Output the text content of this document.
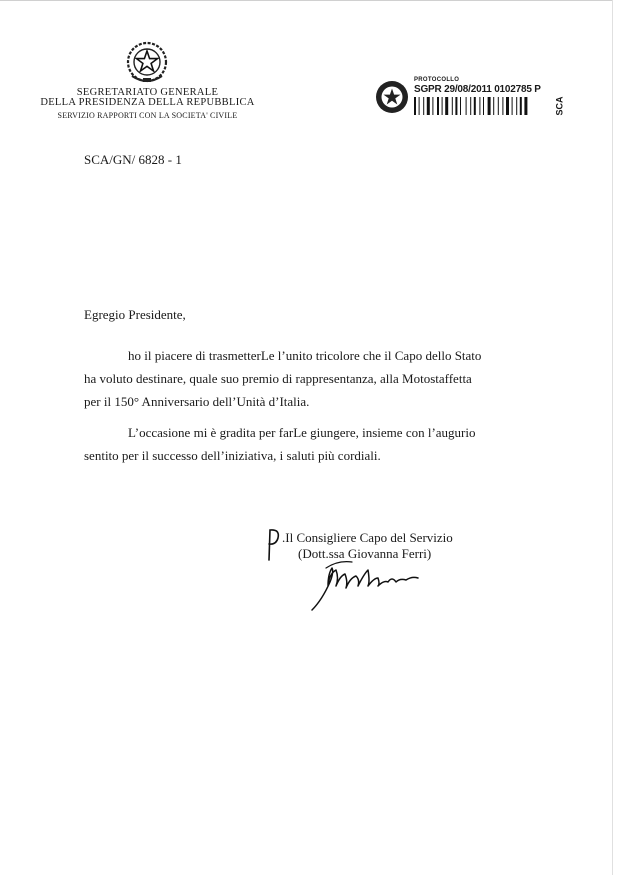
SEGRETARIATO GENERALE
DELLA PRESIDENZA DELLA REPUBBLICA
SERVIZIO RAPPORTI CON LA SOCIETA' CIVILE
PROTOCOLLO
SGPR 29/08/2011 0102785 P
SCA
SCA/GN/ 6828 - 1
Egregio Presidente,

ho il piacere di trasmetterLe l’unito tricolore che il Capo dello Stato
ha voluto destinare, quale suo premio di rappresentanza, alla Motostaffetta
per il 150° Anniversario dell’Unità d’Italia.

L’occasione mi è gradita per farLe giungere, insieme con l’augurio
sentito per il successo dell’iniziativa, i saluti più cordiali.

.Il Consigliere Capo del Servizio
(Dott.ssa Giovanna Ferri)
